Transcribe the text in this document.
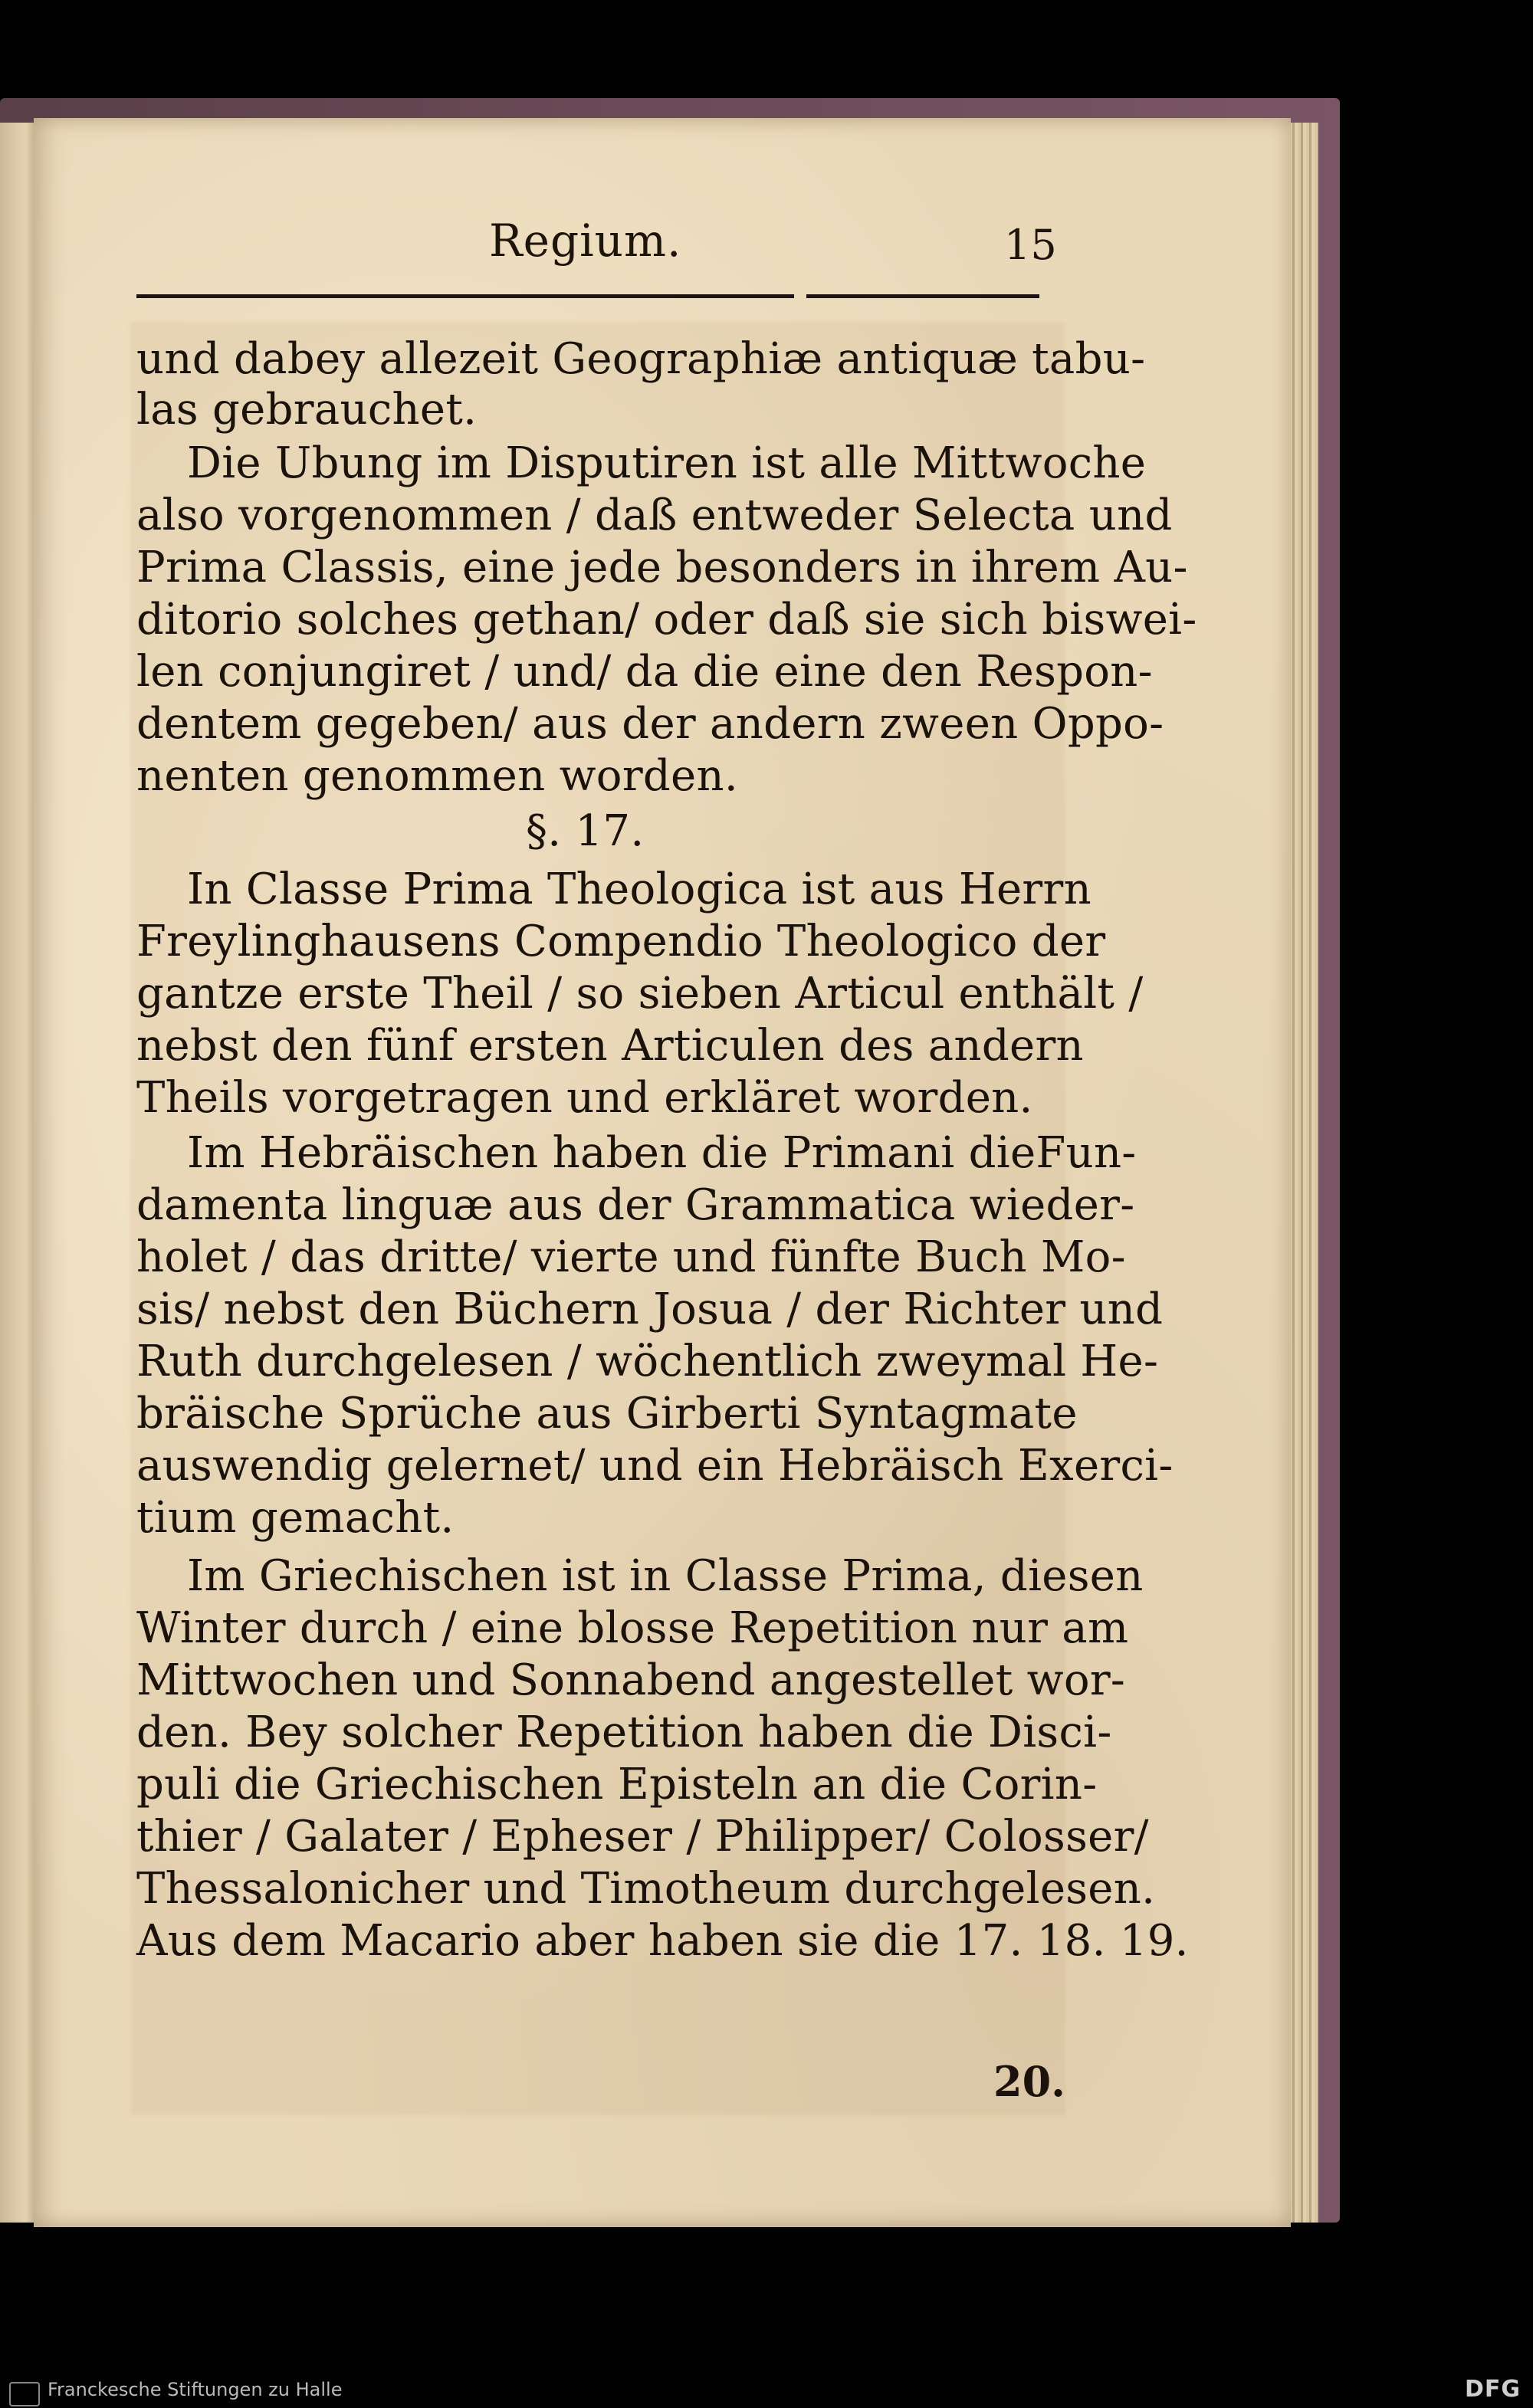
Regium.	15
und dabey allezeit Geographiæ antiquæ tabu-
las gebrauchet.
Die Ubung im Disputiren ist alle Mittwoche
also vorgenommen / daß entweder Selecta und
Prima Classis, eine jede besonders in ihrem Au-
ditorio solches gethan/ oder daß sie sich biswei-
len conjungiret / und/ da die eine den Respon-
dentem gegeben/ aus der andern zween Oppo-
nenten genommen worden.
§. 17.
In Classe Prima Theologica ist aus Herrn
Freylinghausens Compendio Theologico der
gantze erste Theil / so sieben Articul enthält /
nebst den fünf ersten Articulen des andern
Theils vorgetragen und erkläret worden.
Im Hebräischen haben die Primani dieFun-
damenta linguæ aus der Grammatica wieder-
holet / das dritte/ vierte und fünfte Buch Mo-
sis/ nebst den Büchern Josua / der Richter und
Ruth durchgelesen / wöchentlich zweymal He-
bräische Sprüche aus Girberti Syntagmate
auswendig gelernet/ und ein Hebräisch Exerci-
tium gemacht.
Im Griechischen ist in Classe Prima, diesen
Winter durch / eine blosse Repetition nur am
Mittwochen und Sonnabend angestellet wor-
den. Bey solcher Repetition haben die Disci-
puli die Griechischen Episteln an die Corin-
thier / Galater / Epheser / Philipper/ Colosser/
Thessalonicher und Timotheum durchgelesen.
Aus dem Macario aber haben sie die 17. 18. 19.
20.
Franckesche Stiftungen zu Halle	DFG
